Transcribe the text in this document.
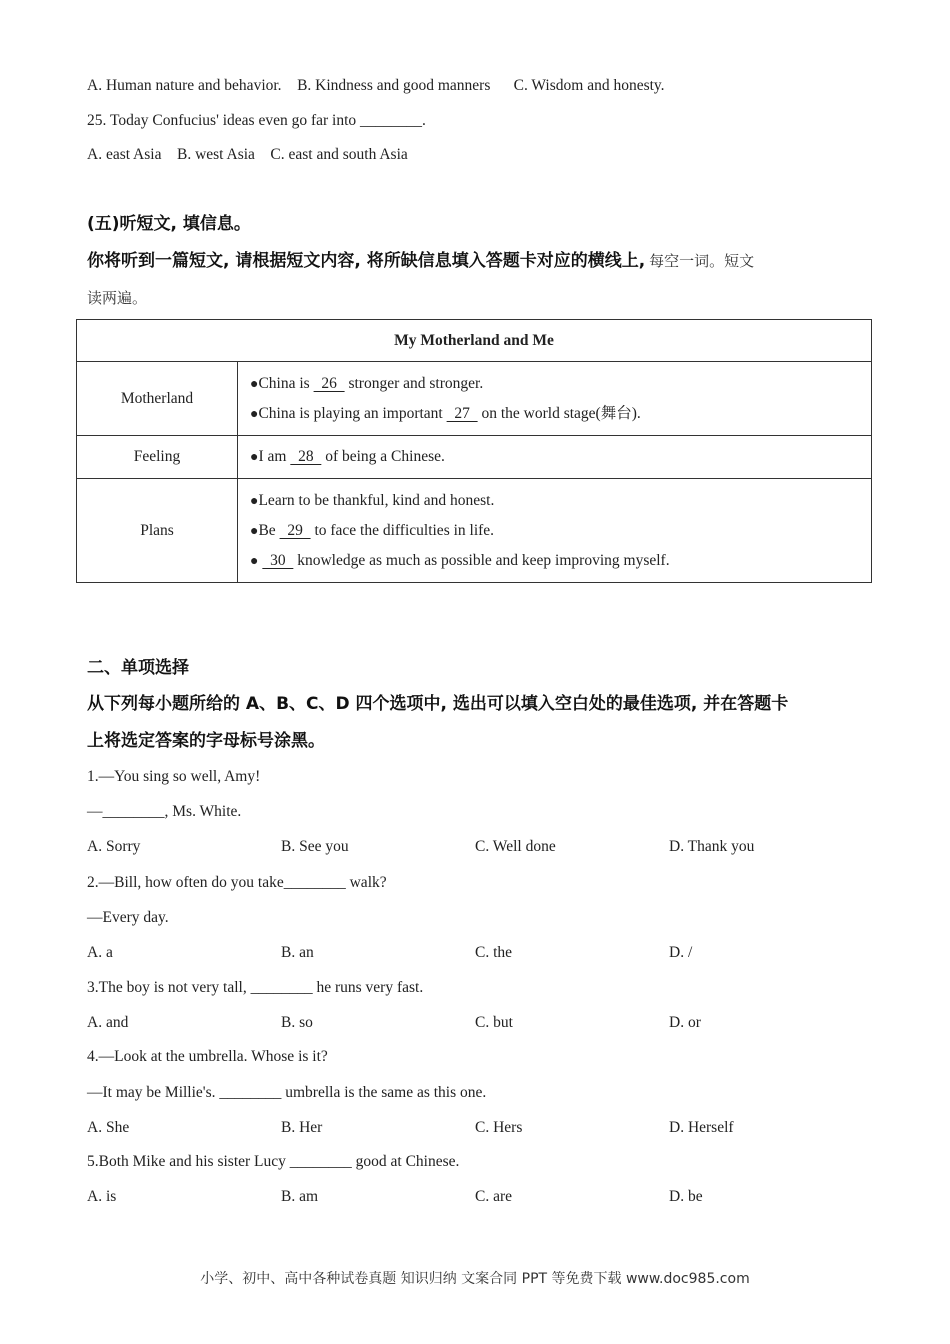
A. Human nature and behavior. B. Kindness and good manners C. Wisdom and honesty.
25. Today Confucius' ideas even go far into ________.
A. east Asia B. west Asia C. east and south Asia
(五)听短文, 填信息。
你将听到一篇短文, 请根据短文内容, 将所缺信息填入答题卡对应的横线上, 每空一词。短文
读两遍。
My Motherland and Me	
Motherland	●China is   26   stronger and stronger.
●China is playing an important   27   on the world stage(舞台).

Feeling	●I am   28   of being a Chinese.

Plans	●Learn to be thankful, kind and honest.
●Be   29   to face the difficulties in life.
●   30   knowledge as much as possible and keep improving myself.
二、单项选择
从下列每小题所给的 A、B、C、D 四个选项中, 选出可以填入空白处的最佳选项, 并在答题卡
上将选定答案的字母标号涂黑。
1.—You sing so well, Amy!
—________, Ms. White.
A. Sorry	B. See you	C. Well done	D. Thank you
2.—Bill, how often do you take________ walk?
—Every day.
A. a	B. an	C. the	D. /
3.The boy is not very tall, ________ he runs very fast.
A. and	B. so	C. but	D. or
4.—Look at the umbrella. Whose is it?
—It may be Millie's. ________ umbrella is the same as this one.
A. She	B. Her	C. Hers	D. Herself
5.Both Mike and his sister Lucy ________ good at Chinese.
A. is	B. am	C. are	D. be
小学、初中、高中各种试卷真题 知识归纳 文案合同 PPT 等免费下载 www.doc985.com
